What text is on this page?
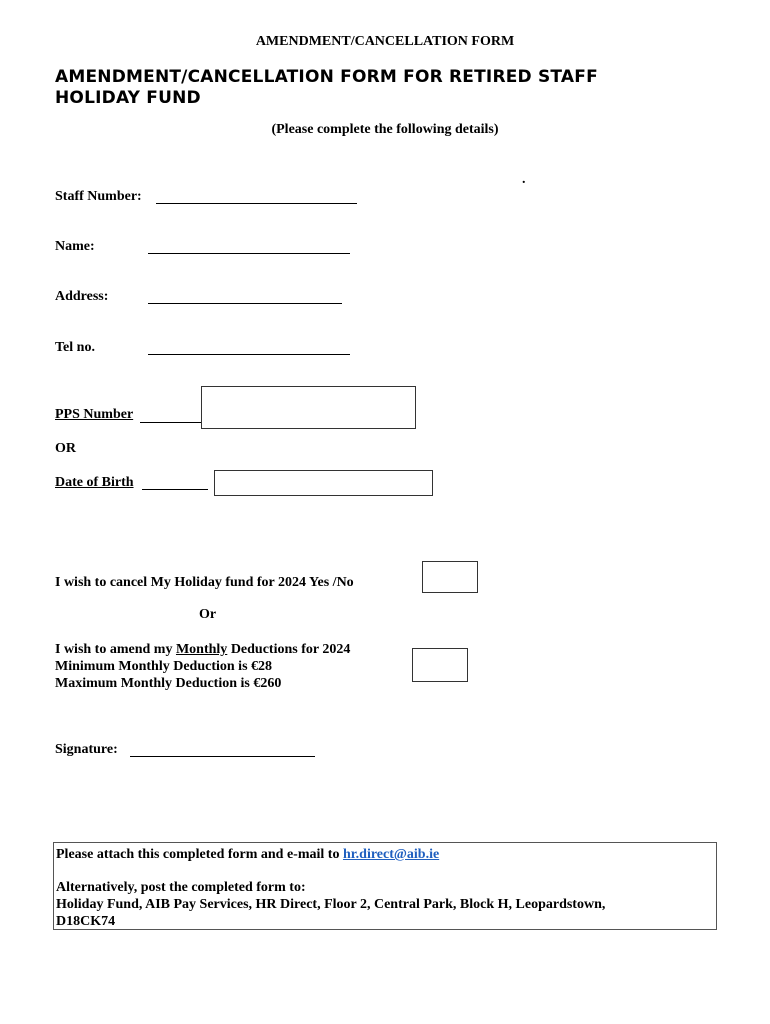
AMENDMENT/CANCELLATION FORM
AMENDMENT/CANCELLATION FORM FOR RETIRED STAFF
HOLIDAY FUND
(Please complete the following details)
.
Staff Number:
Name:
Address:
Tel no.
PPS Number
OR
Date of Birth
I wish to cancel My Holiday fund for 2024 Yes /No
Or
I wish to amend my Monthly Deductions for 2024
Minimum Monthly Deduction is €28
Maximum Monthly Deduction is €260
Signature:
Please attach this completed form and e-mail to hr.direct@aib.ie
Alternatively, post the completed form to:
Holiday Fund, AIB Pay Services, HR Direct, Floor 2, Central Park, Block H, Leopardstown,
D18CK74
